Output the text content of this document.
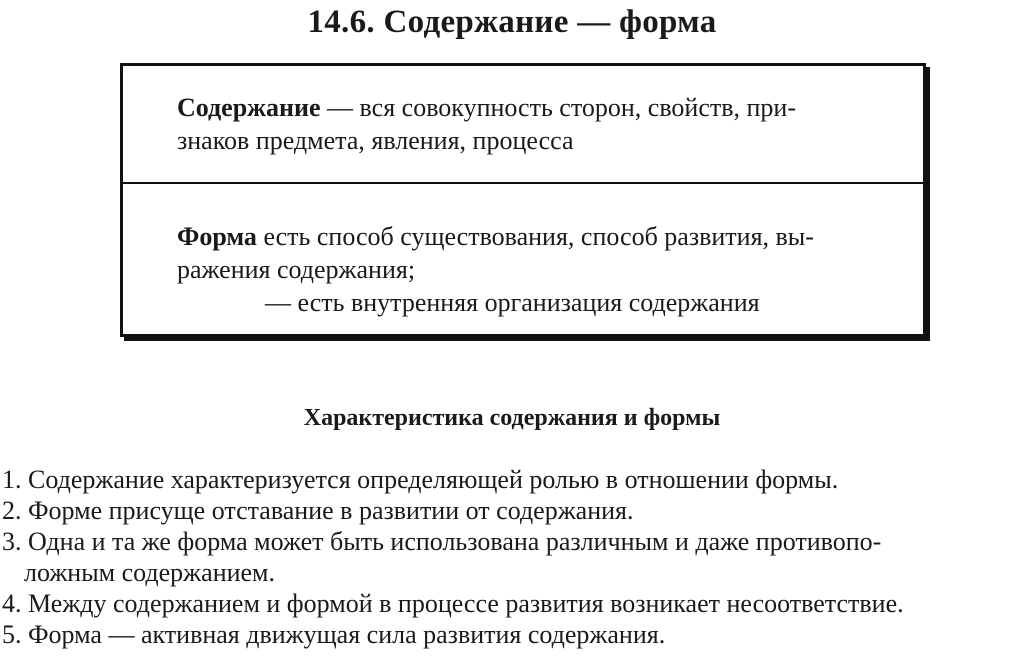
14.6. Содержание — форма
Содержание — вся совокупность сторон, свойств, при-
знаков предмета, явления, процесса
Форма есть способ существования, способ развития, вы-
ражения содержания;
— есть внутренняя организация содержания
Характеристика содержания и формы
1. Содержание характеризуется определяющей ролью в отношении формы.
2. Форме присуще отставание в развитии от содержания.
3. Одна и та же форма может быть использована различным и даже противопо-
ложным содержанием.
4. Между содержанием и формой в процессе развития возникает несоответствие.
5. Форма — активная движущая сила развития содержания.
